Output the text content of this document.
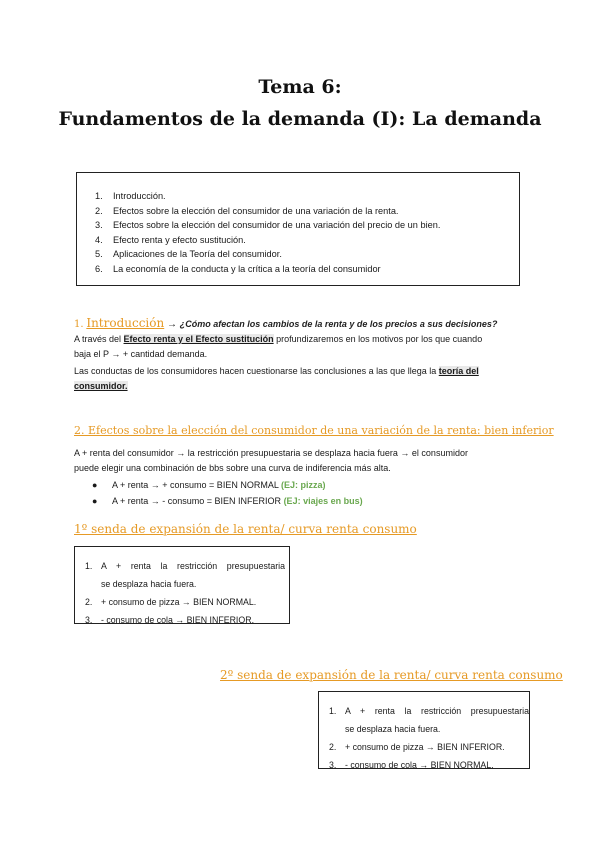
Tema 6:
Fundamentos de la demanda (I): La demanda
1. Introducción.
2. Efectos sobre la elección del consumidor de una variación de la renta.
3. Efectos sobre la elección del consumidor de una variación del precio de un bien.
4. Efecto renta y efecto sustitución.
5. Aplicaciones de la Teoría del consumidor.
6. La economía de la conducta y la crítica a la teoría del consumidor
1. Introducción → ¿Cómo afectan los cambios de la renta y de los precios a sus decisiones?
A través del Efecto renta y el Efecto sustitución profundizaremos en los motivos por los que cuando
baja el P → + cantidad demanda.
Las conductas de los consumidores hacen cuestionarse las conclusiones a las que llega la teoría del
consumidor.
2. Efectos sobre la elección del consumidor de una variación de la renta: bien inferior
A + renta del consumidor → la restricción presupuestaria se desplaza hacia fuera → el consumidor
puede elegir una combinación de bbs sobre una curva de indiferencia más alta.
● A + renta → + consumo = BIEN NORMAL (EJ: pizza)
● A + renta → - consumo = BIEN INFERIOR (EJ: viajes en bus)
1º senda de expansión de la renta/ curva renta consumo
1. A + renta la restricción presupuestaria
se desplaza hacia fuera.
2. + consumo de pizza → BIEN NORMAL.
3. - consumo de cola → BIEN INFERIOR.
2º senda de expansión de la renta/ curva renta consumo
1. A + renta la restricción presupuestaria
se desplaza hacia fuera.
2. + consumo de pizza → BIEN INFERIOR.
3. - consumo de cola → BIEN NORMAL.
